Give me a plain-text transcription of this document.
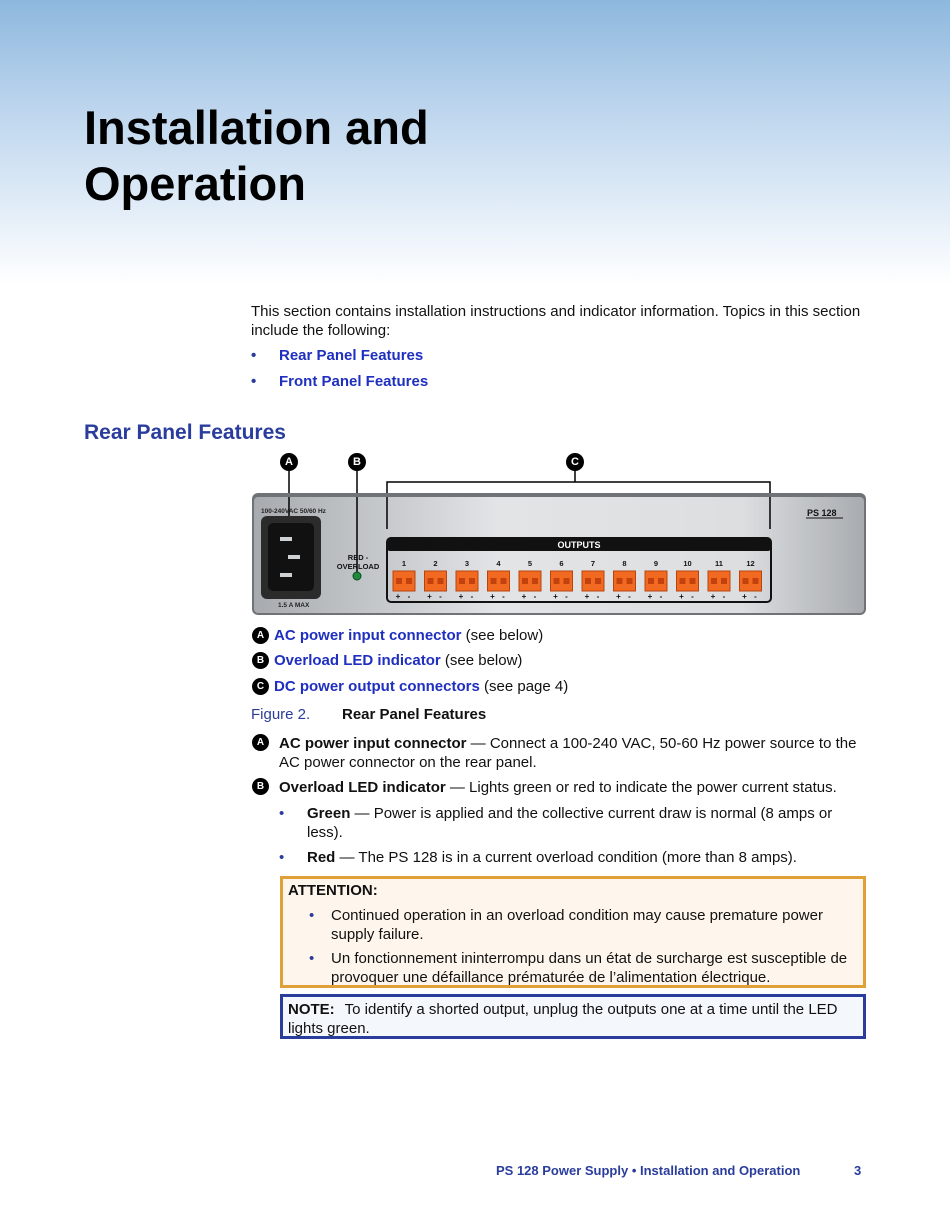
Installation and
Operation

This section contains installation instructions and indicator information. Topics in this section include the following:

• Rear Panel Features
• Front Panel Features
Rear Panel Features
A	B	C
100-240VAC 50/60 Hz
1.5 A MAX
RED -
OVERLOAD
PS 128
OUTPUTS
1
+ -
2
+ -
3
+ -
4
+ -
5
+ -
6
+ -
7
+ -
8
+ -
9
+ -
10
+ -
11
+ -
12
+ -
A AC power input connector (see below)
B Overload LED indicator (see below)
C DC power output connectors (see page 4)
Figure 2. Rear Panel Features
A AC power input connector — Connect a 100-240 VAC, 50-60 Hz power source to the AC power connector on the rear panel.
B Overload LED indicator — Lights green or red to indicate the power current status.
• Green — Power is applied and the collective current draw is normal (8 amps or less).
• Red — The PS 128 is in a current overload condition (more than 8 amps).
ATTENTION:
• Continued operation in an overload condition may cause premature power supply failure.
• Un fonctionnement ininterrompu dans un état de surcharge est susceptible de provoquer une défaillance prématurée de l’alimentation électrique.
NOTE: To identify a shorted output, unplug the outputs one at a time until the LED lights green.
PS 128 Power Supply • Installation and Operation	3
